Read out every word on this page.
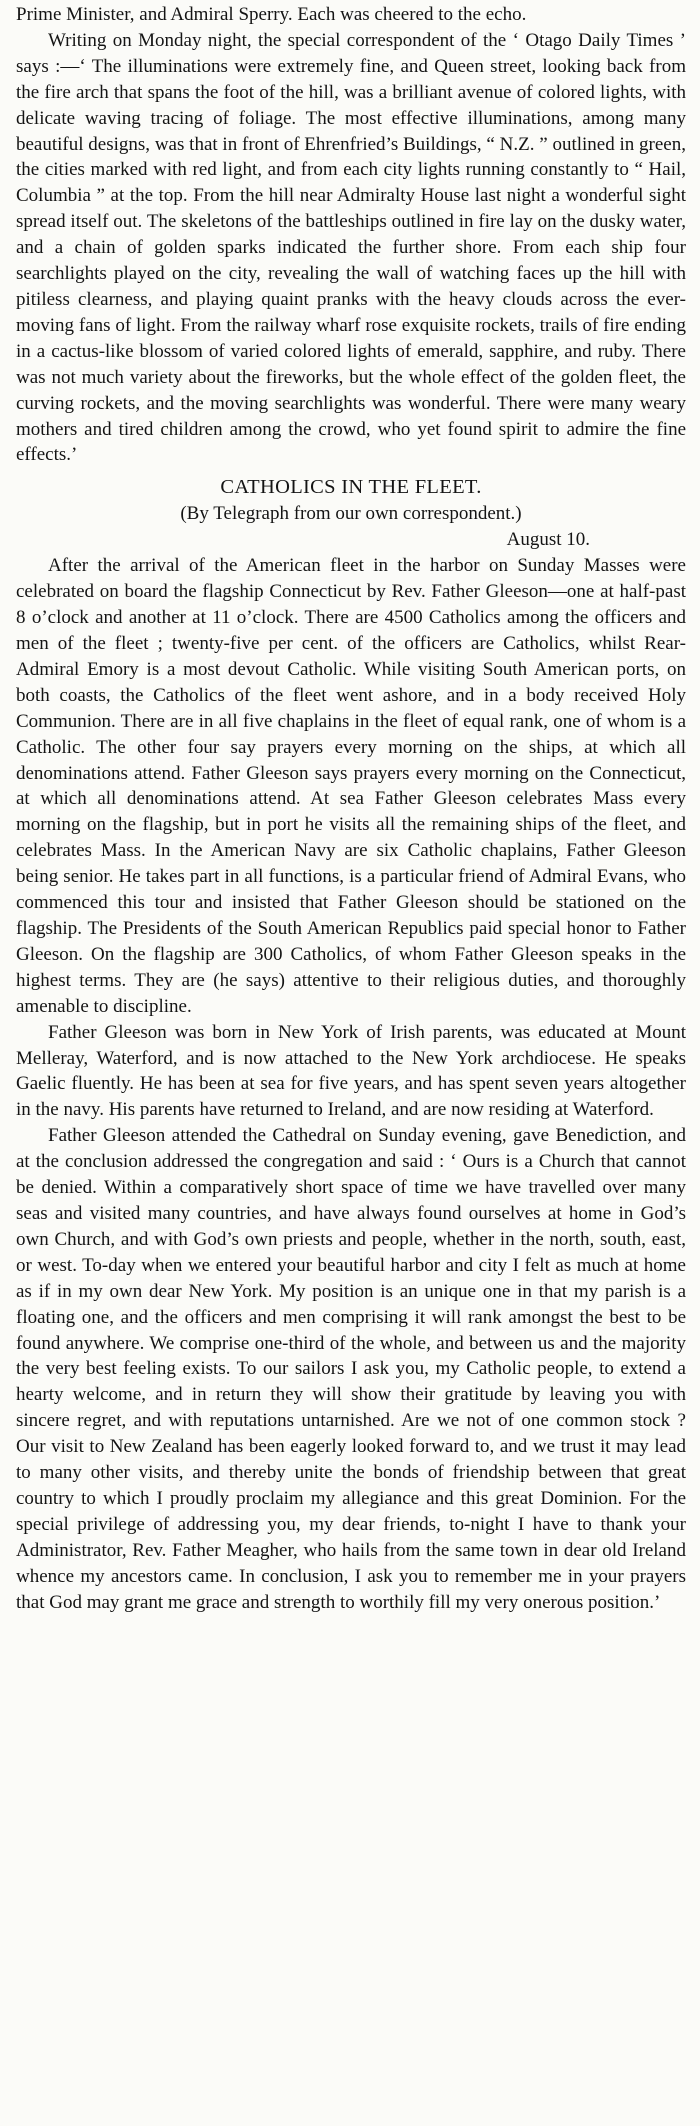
Prime Minister, and Admiral Sperry. Each was cheered to the echo.

Writing on Monday night, the special correspondent of the ‘ Otago Daily Times ’ says :—‘ The illuminations were extremely fine, and Queen street, looking back from the fire arch that spans the foot of the hill, was a brilliant avenue of colored lights, with delicate waving tracing of foliage. The most effective illuminations, among many beautiful designs, was that in front of Ehrenfried’s Buildings, “ N.Z. ” outlined in green, the cities marked with red light, and from each city lights running constantly to “ Hail, Columbia ” at the top. From the hill near Admiralty House last night a wonderful sight spread itself out. The skeletons of the battleships outlined in fire lay on the dusky water, and a chain of golden sparks indicated the further shore. From each ship four searchlights played on the city, revealing the wall of watching faces up the hill with pitiless clearness, and playing quaint pranks with the heavy clouds across the ever-moving fans of light. From the railway wharf rose exquisite rockets, trails of fire ending in a cactus-like blossom of varied colored lights of emerald, sapphire, and ruby. There was not much variety about the fireworks, but the whole effect of the golden fleet, the curving rockets, and the moving searchlights was wonderful. There were many weary mothers and tired children among the crowd, who yet found spirit to admire the fine effects.’

CATHOLICS IN THE FLEET.

(By Telegraph from our own correspondent.)

August 10.

After the arrival of the American fleet in the harbor on Sunday Masses were celebrated on board the flagship Connecticut by Rev. Father Gleeson—one at half-past 8 o’clock and another at 11 o’clock. There are 4500 Catholics among the officers and men of the fleet ; twenty-five per cent. of the officers are Catholics, whilst Rear-Admiral Emory is a most devout Catholic. While visiting South American ports, on both coasts, the Catholics of the fleet went ashore, and in a body received Holy Communion. There are in all five chaplains in the fleet of equal rank, one of whom is a Catholic. The other four say prayers every morning on the ships, at which all denominations attend. Father Gleeson says prayers every morning on the Connecticut, at which all denominations attend. At sea Father Gleeson celebrates Mass every morning on the flagship, but in port he visits all the remaining ships of the fleet, and celebrates Mass. In the American Navy are six Catholic chaplains, Father Gleeson being senior. He takes part in all functions, is a particular friend of Admiral Evans, who commenced this tour and insisted that Father Gleeson should be stationed on the flagship. The Presidents of the South American Republics paid special honor to Father Gleeson. On the flagship are 300 Catholics, of whom Father Gleeson speaks in the highest terms. They are (he says) attentive to their religious duties, and thoroughly amenable to discipline.

Father Gleeson was born in New York of Irish parents, was educated at Mount Melleray, Waterford, and is now attached to the New York archdiocese. He speaks Gaelic fluently. He has been at sea for five years, and has spent seven years altogether in the navy. His parents have returned to Ireland, and are now residing at Waterford.

Father Gleeson attended the Cathedral on Sunday evening, gave Benediction, and at the conclusion addressed the congregation and said : ‘ Ours is a Church that cannot be denied. Within a comparatively short space of time we have travelled over many seas and visited many countries, and have always found ourselves at home in God’s own Church, and with God’s own priests and people, whether in the north, south, east, or west. To-day when we entered your beautiful harbor and city I felt as much at home as if in my own dear New York. My position is an unique one in that my parish is a floating one, and the officers and men comprising it will rank amongst the best to be found anywhere. We comprise one-third of the whole, and between us and the majority the very best feeling exists. To our sailors I ask you, my Catholic people, to extend a hearty welcome, and in return they will show their gratitude by leaving you with sincere regret, and with reputations untarnished. Are we not of one common stock ? Our visit to New Zealand has been eagerly looked forward to, and we trust it may lead to many other visits, and thereby unite the bonds of friendship between that great country to which I proudly proclaim my allegiance and this great Dominion. For the special privilege of addressing you, my dear friends, to-night I have to thank your Administrator, Rev. Father Meagher, who hails from the same town in dear old Ireland whence my ancestors came. In conclusion, I ask you to remember me in your prayers that God may grant me grace and strength to worthily fill my very onerous position.’
